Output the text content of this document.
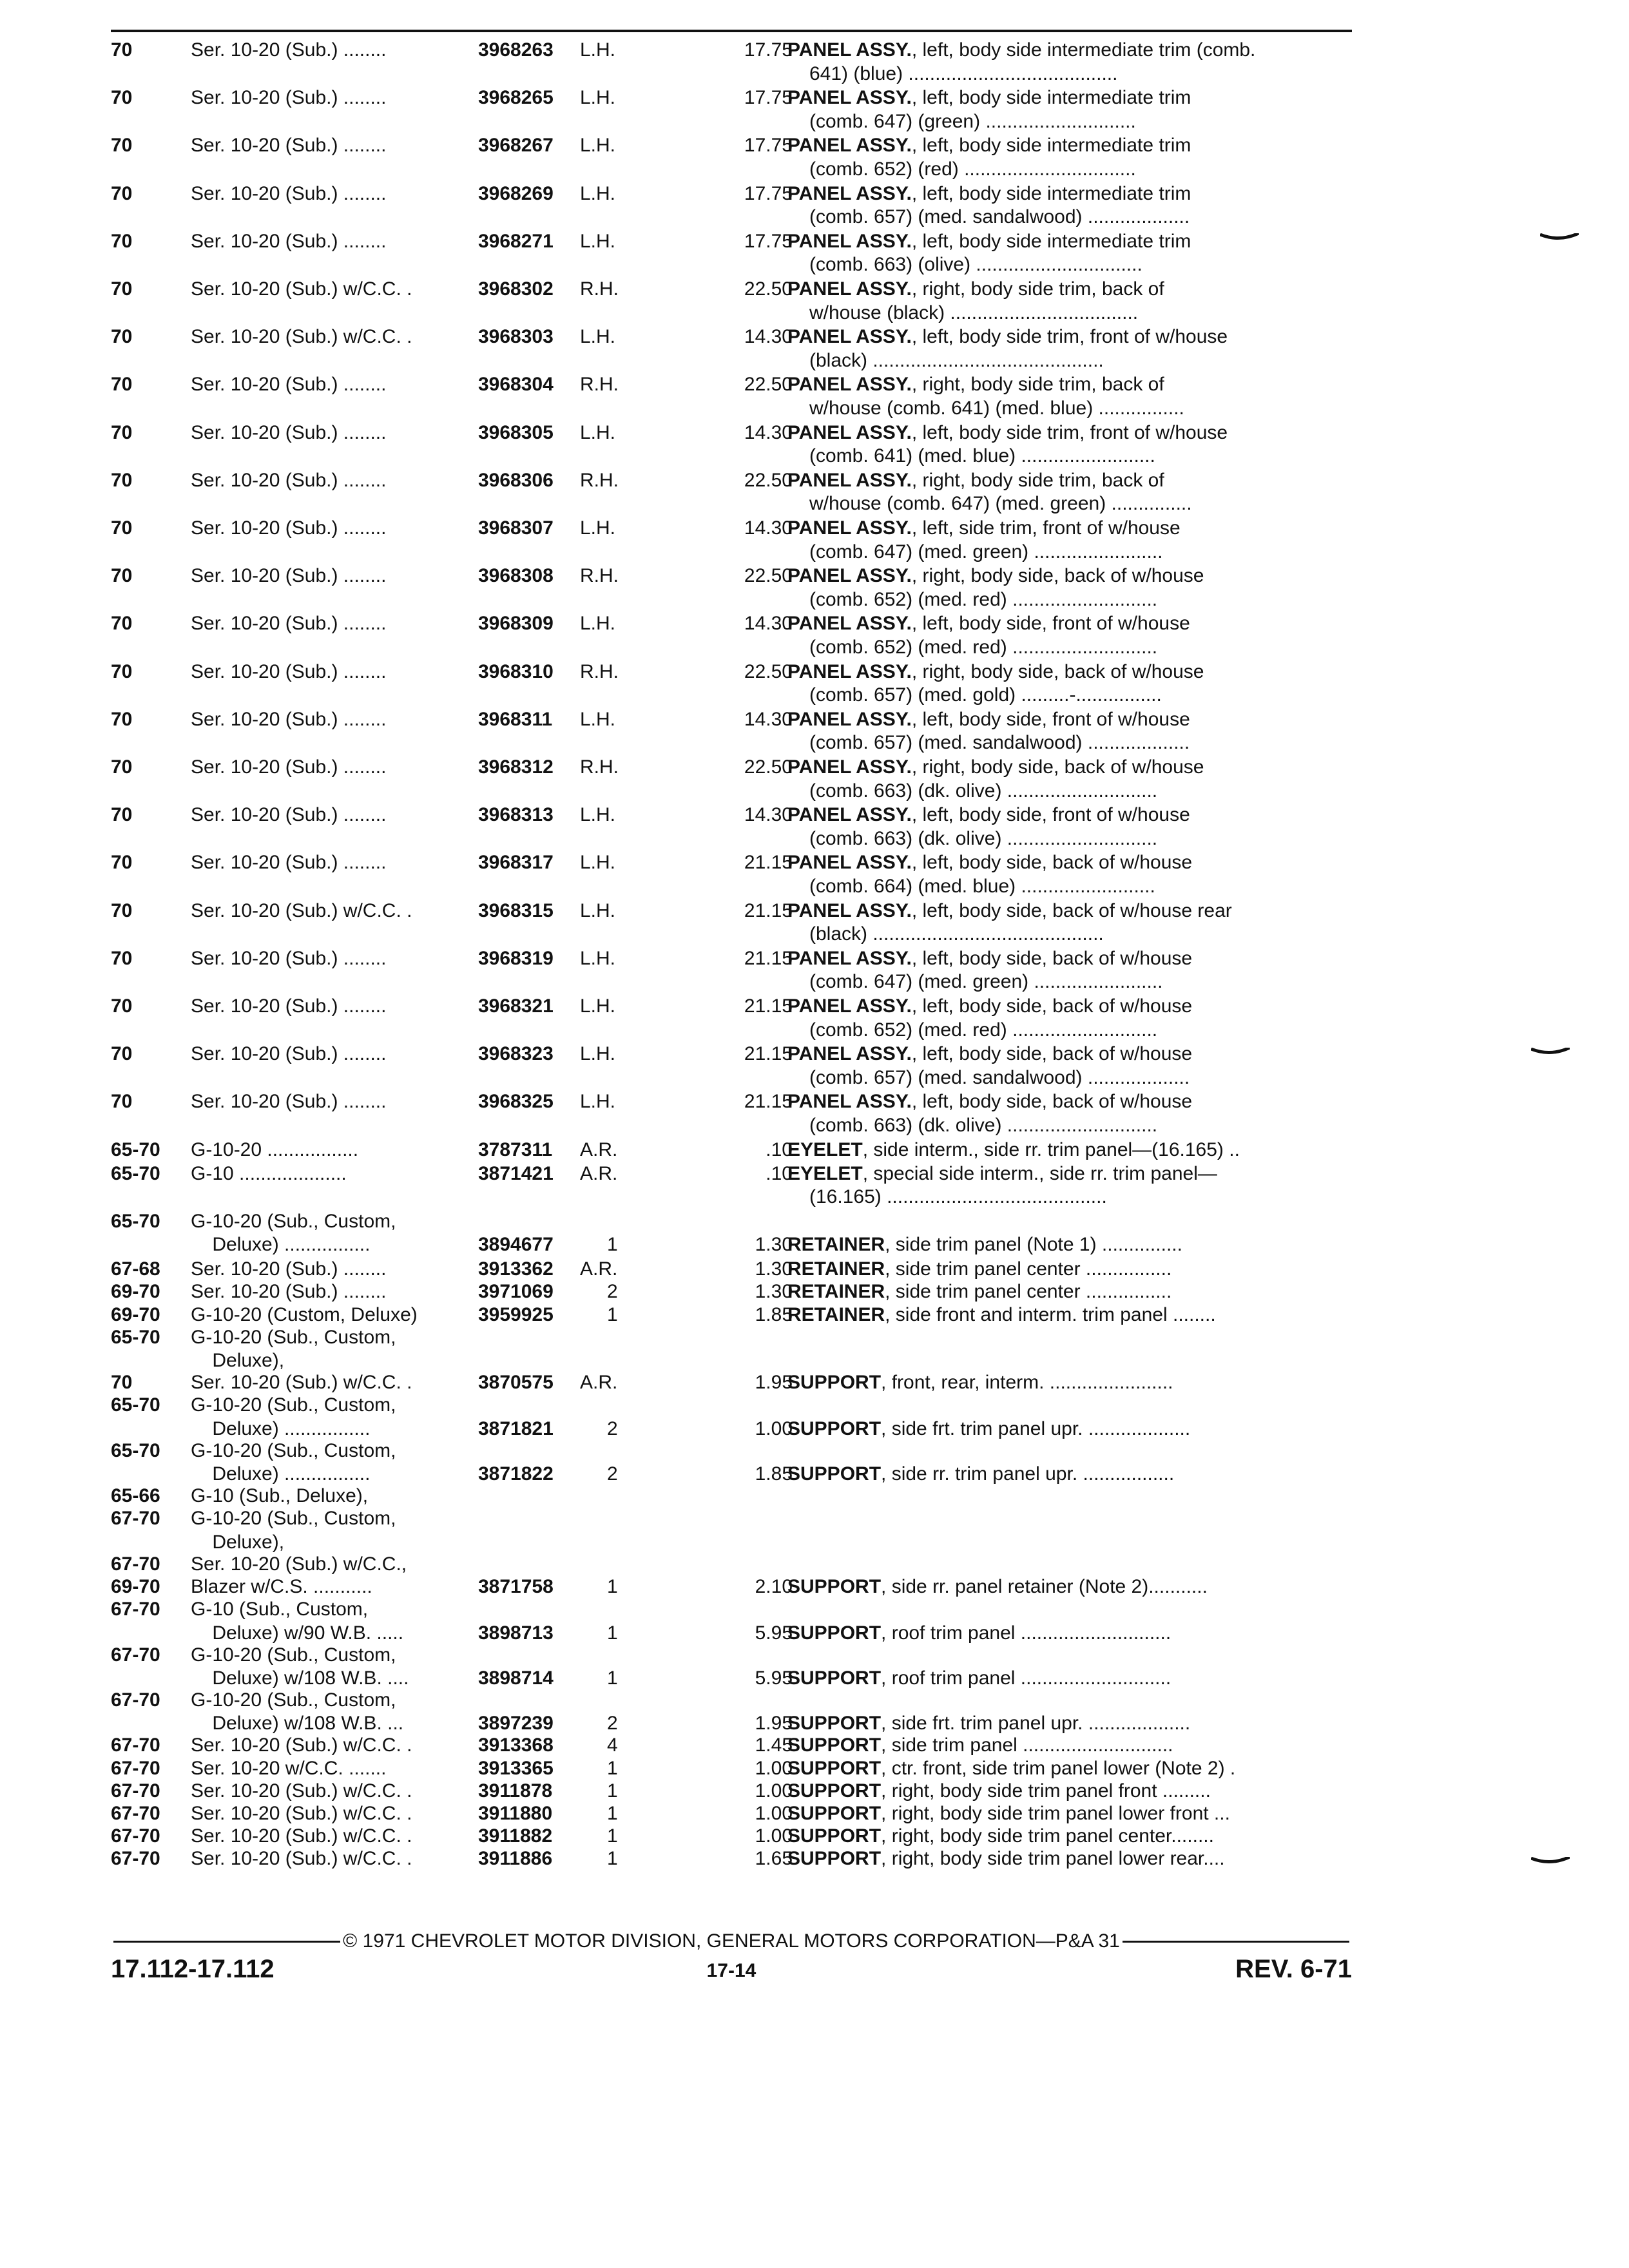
70	Ser. 10-20 (Sub.) ........	3968263	L.H.	17.75
PANEL ASSY., left, body side intermediate trim (comb.
641) (blue) .......................................
70	Ser. 10-20 (Sub.) ........	3968265	L.H.	17.75
PANEL ASSY., left, body side intermediate trim
(comb. 647) (green) ............................
70	Ser. 10-20 (Sub.) ........	3968267	L.H.	17.75
PANEL ASSY., left, body side intermediate trim
(comb. 652) (red) ................................
70	Ser. 10-20 (Sub.) ........	3968269	L.H.	17.75
PANEL ASSY., left, body side intermediate trim
(comb. 657) (med. sandalwood) ...................
70	Ser. 10-20 (Sub.) ........	3968271	L.H.	17.75
PANEL ASSY., left, body side intermediate trim
(comb. 663) (olive) ...............................
70	Ser. 10-20 (Sub.) w/C.C. .	3968302	R.H.	22.50
PANEL ASSY., right, body side trim, back of
w/house (black) ...................................
70	Ser. 10-20 (Sub.) w/C.C. .	3968303	L.H.	14.30
PANEL ASSY., left, body side trim, front of w/house
(black) ...........................................
70	Ser. 10-20 (Sub.) ........	3968304	R.H.	22.50
PANEL ASSY., right, body side trim, back of
w/house (comb. 641) (med. blue) ................
70	Ser. 10-20 (Sub.) ........	3968305	L.H.	14.30
PANEL ASSY., left, body side trim, front of w/house
(comb. 641) (med. blue) .........................
70	Ser. 10-20 (Sub.) ........	3968306	R.H.	22.50
PANEL ASSY., right, body side trim, back of
w/house (comb. 647) (med. green) ...............
70	Ser. 10-20 (Sub.) ........	3968307	L.H.	14.30
PANEL ASSY., left, side trim, front of w/house
(comb. 647) (med. green) ........................
70	Ser. 10-20 (Sub.) ........	3968308	R.H.	22.50
PANEL ASSY., right, body side, back of w/house
(comb. 652) (med. red) ...........................
70	Ser. 10-20 (Sub.) ........	3968309	L.H.	14.30
PANEL ASSY., left, body side, front of w/house
(comb. 652) (med. red) ...........................
70	Ser. 10-20 (Sub.) ........	3968310	R.H.	22.50
PANEL ASSY., right, body side, back of w/house
(comb. 657) (med. gold) .........-................
70	Ser. 10-20 (Sub.) ........	3968311	L.H.	14.30
PANEL ASSY., left, body side, front of w/house
(comb. 657) (med. sandalwood) ...................
70	Ser. 10-20 (Sub.) ........	3968312	R.H.	22.50
PANEL ASSY., right, body side, back of w/house
(comb. 663) (dk. olive) ............................
70	Ser. 10-20 (Sub.) ........	3968313	L.H.	14.30
PANEL ASSY., left, body side, front of w/house
(comb. 663) (dk. olive) ............................
70	Ser. 10-20 (Sub.) ........	3968317	L.H.	21.15
PANEL ASSY., left, body side, back of w/house
(comb. 664) (med. blue) .........................
70	Ser. 10-20 (Sub.) w/C.C. .	3968315	L.H.	21.15
PANEL ASSY., left, body side, back of w/house rear
(black) ...........................................
70	Ser. 10-20 (Sub.) ........	3968319	L.H.	21.15
PANEL ASSY., left, body side, back of w/house
(comb. 647) (med. green) ........................
70	Ser. 10-20 (Sub.) ........	3968321	L.H.	21.15
PANEL ASSY., left, body side, back of w/house
(comb. 652) (med. red) ...........................
70	Ser. 10-20 (Sub.) ........	3968323	L.H.	21.15
PANEL ASSY., left, body side, back of w/house
(comb. 657) (med. sandalwood) ...................
70	Ser. 10-20 (Sub.) ........	3968325	L.H.	21.15
PANEL ASSY., left, body side, back of w/house
(comb. 663) (dk. olive) ............................
65-70	G-10-20 .................	3787311	A.R.	.10
EYELET, side interm., side rr. trim panel—(16.165) ..
65-70	G-10 ....................	3871421	A.R.	.10
EYELET, special side interm., side rr. trim panel—
(16.165) .........................................
65-70	G-10-20 (Sub., Custom,
Deluxe) ................	3894677	1	1.30
RETAINER, side trim panel (Note 1) ...............
67-68	Ser. 10-20 (Sub.) ........	3913362	A.R.	1.30
RETAINER, side trim panel center ................
69-70	Ser. 10-20 (Sub.) ........	3971069	2	1.30
RETAINER, side trim panel center ................
69-70	G-10-20 (Custom, Deluxe)	3959925	1	1.85
RETAINER, side front and interm. trim panel ........
65-70	G-10-20 (Sub., Custom,
Deluxe),
70	Ser. 10-20 (Sub.) w/C.C. .	3870575	A.R.	1.95
SUPPORT, front, rear, interm. .......................
65-70	G-10-20 (Sub., Custom,
Deluxe) ................	3871821	2	1.00
SUPPORT, side frt. trim panel upr. ...................
65-70	G-10-20 (Sub., Custom,
Deluxe) ................	3871822	2	1.85
SUPPORT, side rr. trim panel upr. .................
65-66	G-10 (Sub., Deluxe),
67-70	G-10-20 (Sub., Custom,
Deluxe),
67-70	Ser. 10-20 (Sub.) w/C.C.,
69-70	Blazer w/C.S. ...........	3871758	1	2.10
SUPPORT, side rr. panel retainer (Note 2)...........
67-70	G-10 (Sub., Custom,
Deluxe) w/90 W.B. .....	3898713	1	5.95
SUPPORT, roof trim panel ............................
67-70	G-10-20 (Sub., Custom,
Deluxe) w/108 W.B. ....	3898714	1	5.95
SUPPORT, roof trim panel ............................
67-70	G-10-20 (Sub., Custom,
Deluxe) w/108 W.B. ...	3897239	2	1.95
SUPPORT, side frt. trim panel upr. ...................
67-70	Ser. 10-20 (Sub.) w/C.C. .	3913368	4	1.45
SUPPORT, side trim panel ............................
67-70	Ser. 10-20 w/C.C. .......	3913365	1	1.00
SUPPORT, ctr. front, side trim panel lower (Note 2) .
67-70	Ser. 10-20 (Sub.) w/C.C. .	3911878	1	1.00
SUPPORT, right, body side trim panel front .........
67-70	Ser. 10-20 (Sub.) w/C.C. .	3911880	1	1.00
SUPPORT, right, body side trim panel lower front ...
67-70	Ser. 10-20 (Sub.) w/C.C. .	3911882	1	1.00
SUPPORT, right, body side trim panel center........
67-70	Ser. 10-20 (Sub.) w/C.C. .	3911886	1	1.65
SUPPORT, right, body side trim panel lower rear....
© 1971 CHEVROLET MOTOR DIVISION, GENERAL MOTORS CORPORATION—P&A 31
17.112-17.112	17-14	REV. 6-71
